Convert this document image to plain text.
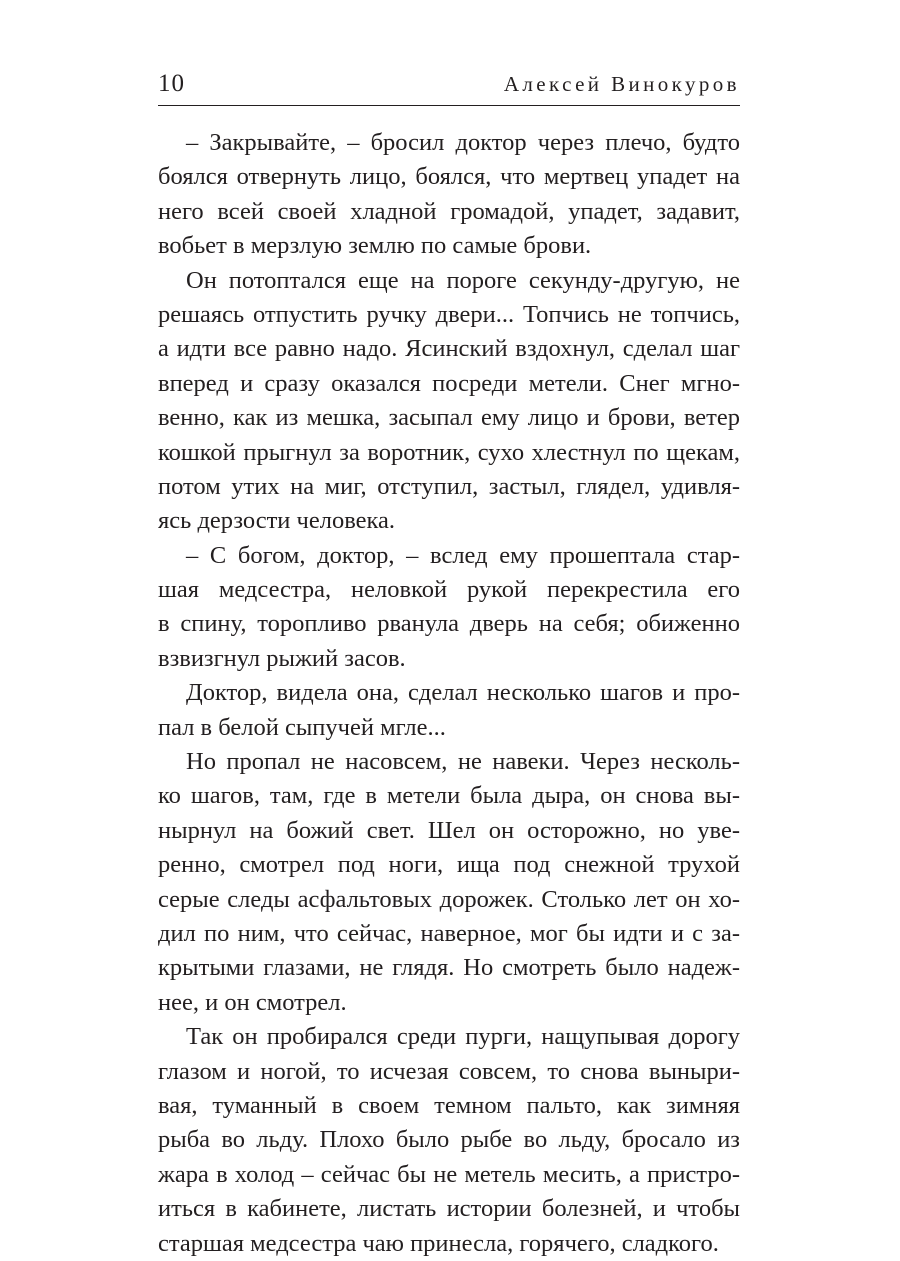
10	Алексей Винокуров
– Закрывайте, – бросил доктор через плечо, будто
боялся отвернуть лицо, боялся, что мертвец упадет на
него всей своей хладной громадой, упадет, задавит,
вобьет в мерзлую землю по самые брови.
Он потоптался еще на пороге секунду-другую, не
решаясь отпустить ручку двери... Топчись не топчись,
а идти все равно надо. Ясинский вздохнул, сделал шаг
вперед и сразу оказался посреди метели. Снег мгно-
венно, как из мешка, засыпал ему лицо и брови, ветер
кошкой прыгнул за воротник, сухо хлестнул по щекам,
потом утих на миг, отступил, застыл, глядел, удивля-
ясь дерзости человека.
– С богом, доктор, – вслед ему прошептала стар-
шая медсестра, неловкой рукой перекрестила его
в спину, торопливо рванула дверь на себя; обиженно
взвизгнул рыжий засов.
Доктор, видела она, сделал несколько шагов и про-
пал в белой сыпучей мгле...
Но пропал не насовсем, не навеки. Через несколь-
ко шагов, там, где в метели была дыра, он снова вы-
нырнул на божий свет. Шел он осторожно, но уве-
ренно, смотрел под ноги, ища под снежной трухой
серые следы асфальтовых дорожек. Столько лет он хо-
дил по ним, что сейчас, наверное, мог бы идти и с за-
крытыми глазами, не глядя. Но смотреть было надеж-
нее, и он смотрел.
Так он пробирался среди пурги, нащупывая дорогу
глазом и ногой, то исчезая совсем, то снова выныри-
вая, туманный в своем темном пальто, как зимняя
рыба во льду. Плохо было рыбе во льду, бросало из
жара в холод – сейчас бы не метель месить, а пристро-
иться в кабинете, листать истории болезней, и чтобы
старшая медсестра чаю принесла, горячего, сладкого.
